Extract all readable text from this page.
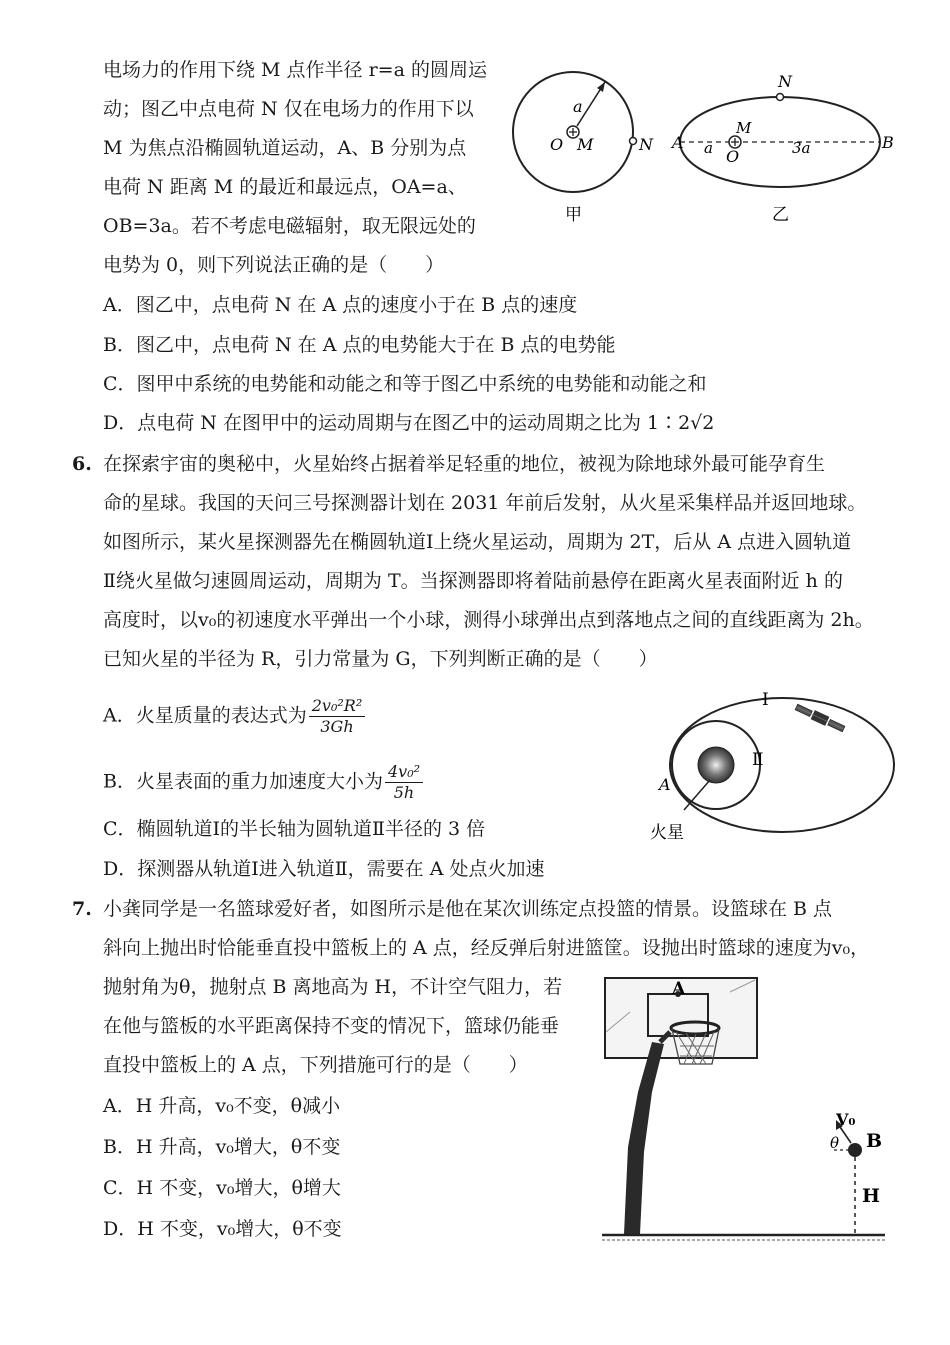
电场力的作用下绕 M 点作半径 r=a 的圆周运
动；图乙中点电荷 N 仅在电场力的作用下以
M 为焦点沿椭圆轨道运动，A、B 分别为点
电荷 N 距离 M 的最近和最远点，OA=a、
OB=3a。若不考虑电磁辐射，取无限远处的
电势为 0，则下列说法正确的是（　　）
a
O M	N
甲
N
M
A a O	3a	B
乙
A．图乙中，点电荷 N 在 A 点的速度小于在 B 点的速度
B．图乙中，点电荷 N 在 A 点的电势能大于在 B 点的电势能
C．图甲中系统的电势能和动能之和等于图乙中系统的电势能和动能之和
D．点电荷 N 在图甲中的运动周期与在图乙中的运动周期之比为 1∶2√2
6. 在探索宇宙的奥秘中，火星始终占据着举足轻重的地位，被视为除地球外最可能孕育生
命的星球。我国的天问三号探测器计划在 2031 年前后发射，从火星采集样品并返回地球。
如图所示，某火星探测器先在椭圆轨道Ⅰ上绕火星运动，周期为 2T，后从 A 点进入圆轨道
Ⅱ绕火星做匀速圆周运动，周期为 T。当探测器即将着陆前悬停在距离火星表面附近 h 的
高度时，以v₀的初速度水平弹出一个小球，测得小球弹出点到落地点之间的直线距离为 2h。
已知火星的半径为 R，引力常量为 G，下列判断正确的是（　　）
A．火星质量的表达式为 $\frac{\text{2v₀²R²}}{3Gh}$
B．火星表面的重力加速度大小为 $\frac{\text{4v₀²}}{5h}$
C．椭圆轨道Ⅰ的半长轴为圆轨道Ⅱ半径的 3 倍
D．探测器从轨道Ⅰ进入轨道Ⅱ，需要在 A 处点火加速
Ⅰ
Ⅱ
A
火星
7. 小龚同学是一名篮球爱好者，如图所示是他在某次训练定点投篮的情景。设篮球在 B 点
斜向上抛出时恰能垂直投中篮板上的 A 点，经反弹后射进篮筐。设抛出时篮球的速度为v₀，
抛射角为θ，抛射点 B 离地高为 H，不计空气阻力，若
在他与篮板的水平距离保持不变的情况下，篮球仍能垂
直投中篮板上的 A 点，下列措施可行的是（　　）
A．H 升高，v₀不变，θ减小
B．H 升高，v₀增大，θ不变
C．H 不变，v₀增大，θ增大
D．H 不变，v₀增大，θ不变
A
V₀
θ B
H
